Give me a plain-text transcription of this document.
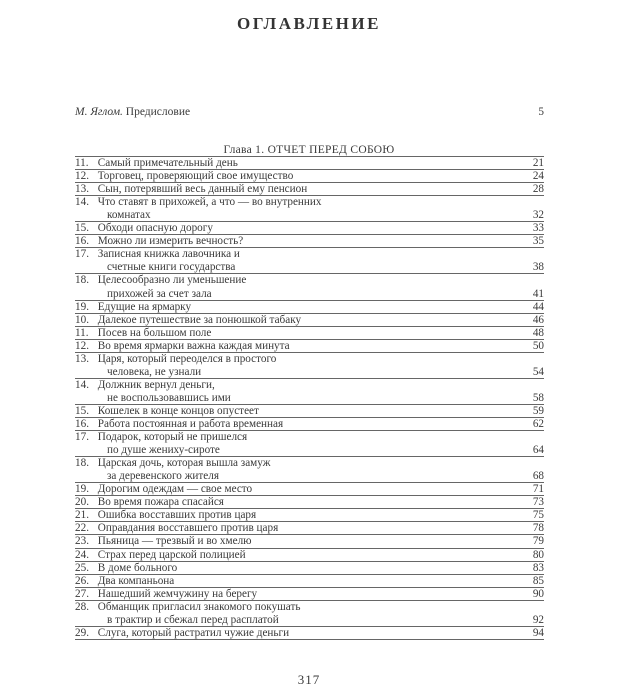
ОГЛАВЛЕНИЕ
М. Яглом. Предисловие	5
Глава 1. ОТЧЕТ ПЕРЕД СОБОЮ
11. Самый примечательный день	21
12. Торговец, проверяющий свое имущество	24
13. Сын, потерявший весь данный ему пенсион	28
14. Что ставят в прихожей, а что — во внутренних
комнатах	32
15. Обходи опасную дорогу	33
16. Можно ли измерить вечность?	35
17. Записная книжка лавочника и
счетные книги государства	38
18. Целесообразно ли уменьшение
прихожей за счет зала	41
19. Едущие на ярмарку	44
10. Далекое путешествие за понюшкой табаку	46
11. Посев на большом поле	48
12. Во время ярмарки важна каждая минута	50
13. Царя, который переоделся в простого
человека, не узнали	54
14. Должник вернул деньги,
не воспользовавшись ими	58
15. Кошелек в конце концов опустеет	59
16. Работа постоянная и работа временная	62
17. Подарок, который не пришелся
по душе жениху-сироте	64
18. Царская дочь, которая вышла замуж
за деревенского жителя	68
19. Дорогим одеждам — свое место	71
20. Во время пожара спасайся	73
21. Ошибка восставших против царя	75
22. Оправдания восставшего против царя	78
23. Пьяница — трезвый и во хмелю	79
24. Страх перед царской полицией	80
25. В доме больного	83
26. Два компаньона	85
27. Нашедший жемчужину на берегу	90
28. Обманщик пригласил знакомого покушать
в трактир и сбежал перед расплатой	92
29. Слуга, который растратил чужие деньги	94
317
